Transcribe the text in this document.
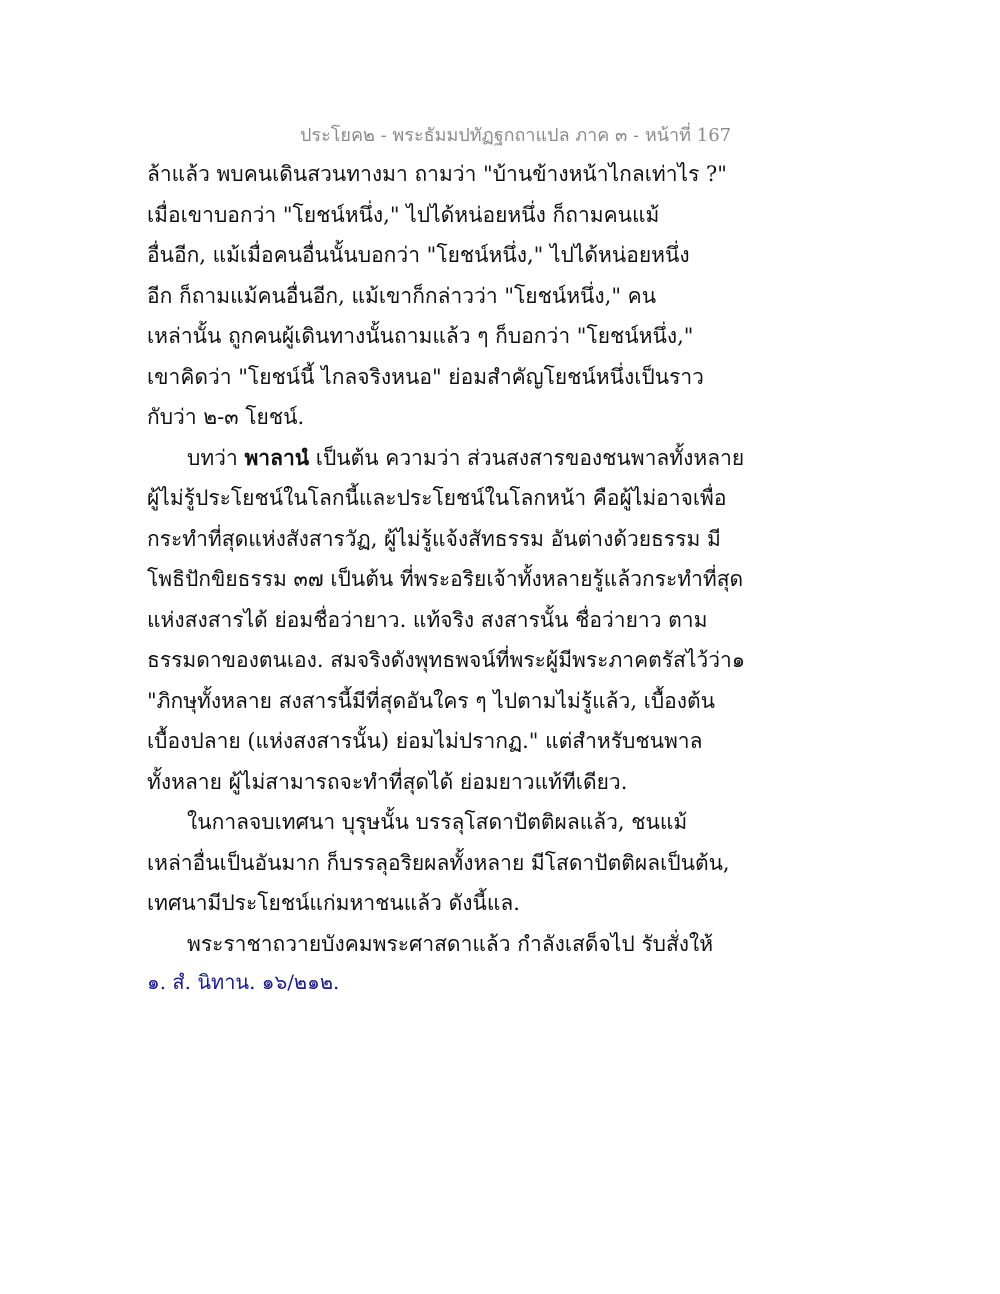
ประโยค๒ - พระธัมมปทัฏฐกถาแปล ภาค ๓ - หน้าที่ 167
ล้าแล้ว พบคนเดินสวนทางมา ถามว่า "บ้านข้างหน้าไกลเท่าไร ?"
เมื่อเขาบอกว่า "โยชน์หนึ่ง," ไปได้หน่อยหนึ่ง ก็ถามคนแม้
อื่นอีก, แม้เมื่อคนอื่นนั้นบอกว่า "โยชน์หนึ่ง," ไปได้หน่อยหนึ่ง
อีก ก็ถามแม้คนอื่นอีก, แม้เขาก็กล่าวว่า "โยชน์หนึ่ง," คน
เหล่านั้น ถูกคนผู้เดินทางนั้นถามแล้ว ๆ ก็บอกว่า "โยชน์หนึ่ง,"
เขาคิดว่า "โยชน์นี้ ไกลจริงหนอ" ย่อมสำคัญโยชน์หนึ่งเป็นราว
กับว่า ๒-๓ โยชน์.
บทว่า พาลานํ เป็นต้น ความว่า ส่วนสงสารของชนพาลทั้งหลาย
ผู้ไม่รู้ประโยชน์ในโลกนี้และประโยชน์ในโลกหน้า คือผู้ไม่อาจเพื่อ
กระทำที่สุดแห่งสังสารวัฏ, ผู้ไม่รู้แจ้งสัทธรรม อันต่างด้วยธรรม มี
โพธิปักขิยธรรม ๓๗ เป็นต้น ที่พระอริยเจ้าทั้งหลายรู้แล้วกระทำที่สุด
แห่งสงสารได้ ย่อมชื่อว่ายาว. แท้จริง สงสารนั้น ชื่อว่ายาว ตาม
ธรรมดาของตนเอง. สมจริงดังพุทธพจน์ที่พระผู้มีพระภาคตรัสไว้ว่า๑
"ภิกษุทั้งหลาย สงสารนี้มีที่สุดอันใคร ๆ ไปตามไม่รู้แล้ว, เบื้องต้น
เบื้องปลาย (แห่งสงสารนั้น) ย่อมไม่ปรากฏ." แต่สำหรับชนพาล
ทั้งหลาย ผู้ไม่สามารถจะทำที่สุดได้ ย่อมยาวแท้ทีเดียว.
ในกาลจบเทศนา บุรุษนั้น บรรลุโสดาปัตติผลแล้ว, ชนแม้
เหล่าอื่นเป็นอันมาก ก็บรรลุอริยผลทั้งหลาย มีโสดาปัตติผลเป็นต้น,
เทศนามีประโยชน์แก่มหาชนแล้ว ดังนี้แล.
พระราชาถวายบังคมพระศาสดาแล้ว กำลังเสด็จไป รับสั่งให้
๑. สํ. นิทาน. ๑๖/๒๑๒.
